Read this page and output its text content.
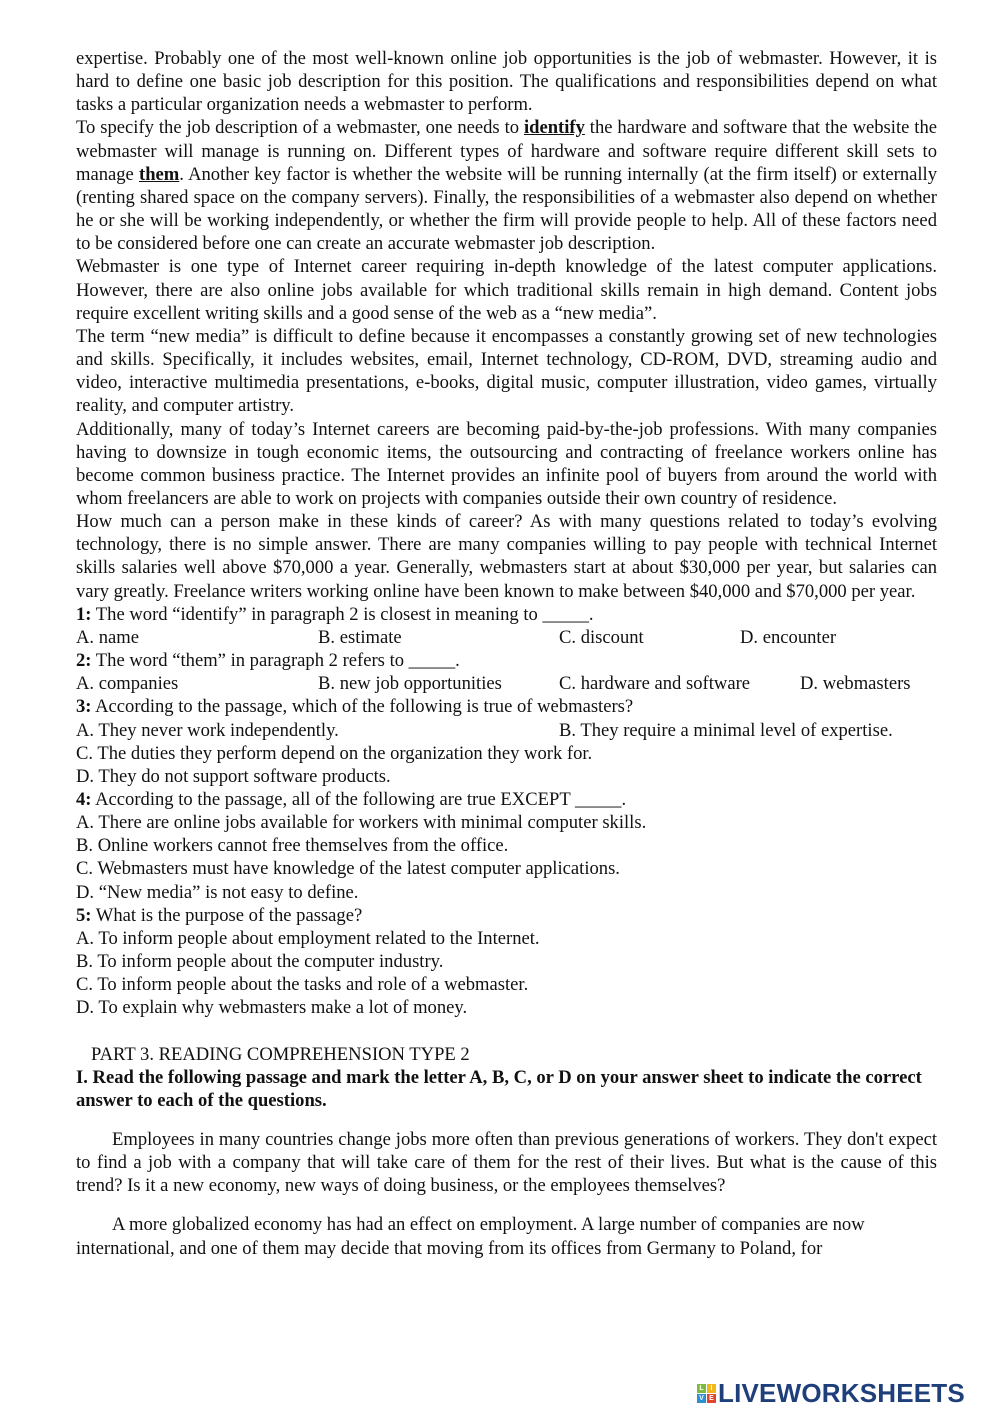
expertise. Probably one of the most well-known online job opportunities is the job of webmaster. However, it is hard to define one basic job description for this position. The qualifications and responsibilities depend on what tasks a particular organization needs a webmaster to perform.

To specify the job description of a webmaster, one needs to identify the hardware and software that the website the webmaster will manage is running on. Different types of hardware and software require different skill sets to manage them. Another key factor is whether the website will be running internally (at the firm itself) or externally (renting shared space on the company servers). Finally, the responsibilities of a webmaster also depend on whether he or she will be working independently, or whether the firm will provide people to help. All of these factors need to be considered before one can create an accurate webmaster job description.

Webmaster is one type of Internet career requiring in-depth knowledge of the latest computer applications. However, there are also online jobs available for which traditional skills remain in high demand. Content jobs require excellent writing skills and a good sense of the web as a “new media”.

The term “new media” is difficult to define because it encompasses a constantly growing set of new technologies and skills. Specifically, it includes websites, email, Internet technology, CD-ROM, DVD, streaming audio and video, interactive multimedia presentations, e-books, digital music, computer illustration, video games, virtually reality, and computer artistry.

Additionally, many of today’s Internet careers are becoming paid-by-the-job professions. With many companies having to downsize in tough economic items, the outsourcing and contracting of freelance workers online has become common business practice. The Internet provides an infinite pool of buyers from around the world with whom freelancers are able to work on projects with companies outside their own country of residence.

How much can a person make in these kinds of career? As with many questions related to today’s evolving technology, there is no simple answer. There are many companies willing to pay people with technical Internet skills salaries well above $70,000 a year. Generally, webmasters start at about $30,000 per year, but salaries can vary greatly. Freelance writers working online have been known to make between $40,000 and $70,000 per year.

1: The word “identify” in paragraph 2 is closest in meaning to _____.

A. name	B. estimate	C. discount	D. encounter

2: The word “them” in paragraph 2 refers to _____.

A. companies	B. new job opportunities	C. hardware and software	D. webmasters

3: According to the passage, which of the following is true of webmasters?

A. They never work independently.	B. They require a minimal level of expertise.
C. The duties they perform depend on the organization they work for.
D. They do not support software products.

4: According to the passage, all of the following are true EXCEPT _____.

A. There are online jobs available for workers with minimal computer skills.
B. Online workers cannot free themselves from the office.
C. Webmasters must have knowledge of the latest computer applications.
D. “New media” is not easy to define.

5: What is the purpose of the passage?

A. To inform people about employment related to the Internet.
B. To inform people about the computer industry.
C. To inform people about the tasks and role of a webmaster.
D. To explain why webmasters make a lot of money.

PART 3. READING COMPREHENSION TYPE 2

I. Read the following passage and mark the letter A, B, C, or D on your answer sheet to indicate the correct answer to each of the questions.

Employees in many countries change jobs more often than previous generations of workers. They don't expect to find a job with a company that will take care of them for the rest of their lives. But what is the cause of this trend? Is it a new economy, new ways of doing business, or the employees themselves?

A more globalized economy has had an effect on employment. A large number of companies are now international, and one of them may decide that moving from its offices from Germany to Poland, for

L I
V E LIVEWORKSHEETS
